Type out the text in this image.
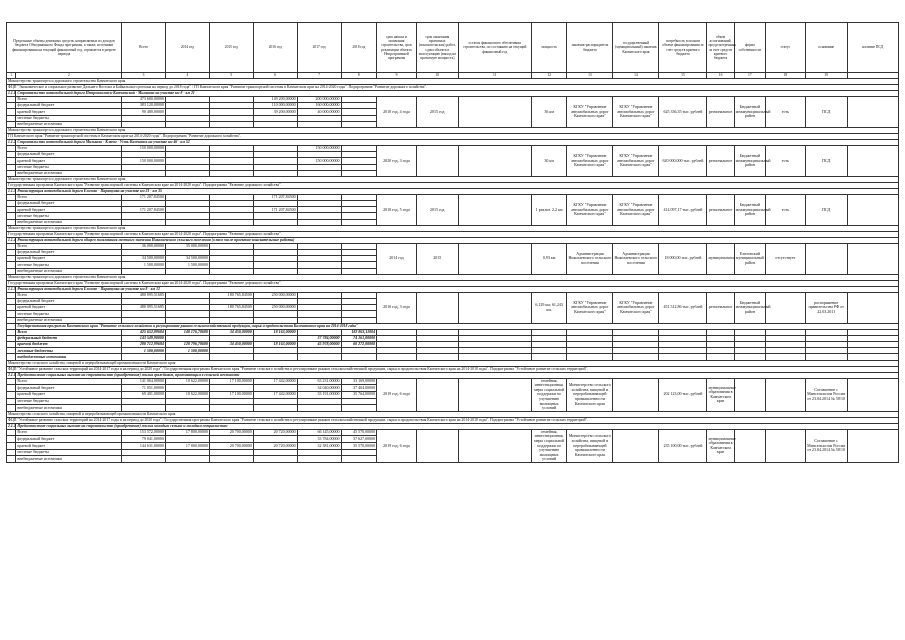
Предельные объемы денежных средств, направляемых из доходов бюджета Объединенного Фонда программы, а также, источники финансирования на текущий финансовый год, отражается в разрезе периода		Всего	2014 год	2015 год	2016 год	2017 год	2018 год	срок начала и окончания строительства, срок реализации объекта Непрограммной программы	срок окончания проектных (изыскательских) работ, сдача объекта в эксплуатацию (выход на проектную мощность)	остаток финансового обеспечения строительства, по состоянию на текущий финансовый год	мощность	заказчик-распорядитель бюджета	государственный (муниципальный) заказчик Камчатского края	потребность в полном объеме финансирования за счет средств краевого бюджета	объем ассигнований, предусмотренных за счет средств краевого бюджета	форма собственности	статус	основание	наличие ПСД
1	2	3	4	5	6	7	8	9	10	11	12	13	14	15	16	17	18	19	
Министерство транспорта и дорожного строительства Камчатского края																			
ФЦП "Экономическое и социальное развитие Дальнего Востока и Байкальского региона на период до 2018 года" / ГП Камчатского края "Развитие транспортной системы в Камчатском крае на 2014-2020 годы". Подпрограмма "Развитие дорожного хозяйства".																			
1.1.1	Строительство автомобильной дороги Петропавловск-Камчатский - Мильково на участке км 8 - км 21																		
	Всего	473 600,00000			149 200,00000	200 000,00000		2010 год, 4 года	2015 год		36 км	КГКУ "Управление автомобильных дорог Камчатского края"	КГКУ "Управление автомобильных дорог Камчатского края"	625 336,35 тыс. рублей	региональное	Бюджетный межмуниципальный район	есть	ПСД	
	федеральный бюджет	383 120,00000			110 000,00000	160 000,00000													
	краевой бюджет	90 480,00000			39 200,00000	40 000,00000													
	местные бюджеты																		
	внебюджетные источники																		
Министерство транспорта и дорожного строительства Камчатского края																			
ГП Камчатского края "Развитие транспортной системы в Камчатском крае на 2014-2020 годы". Подпрограмма "Развитие дорожного хозяйства".																			
1.1.2	Строительство автомобильной дороги Мильково - Ключи - Усть-Камчатск на участке км 46 - км 52																		
	Всего	150 000,00000				150 000,00000		2020 год, 3 года			30 км	КГКУ "Управление автомобильных дорог Камчатского края"	КГКУ "Управление автомобильных дорог Камчатского края"	620 000,000 тыс. рублей	региональное	Бюджетный межмуниципальный район	есть	ПСД	
	федеральный бюджет																		
	краевой бюджет	150 000,00000				150 000,00000													
	местные бюджеты																		
	внебюджетные источники																		
Министерство транспорта и дорожного строительства Камчатского края																			
Государственная программа Камчатского края "Развитие транспортной системы в Камчатском крае на 2014-2020 годы". Подпрограмма "Развитие дорожного хозяйства".																			
1.1.3	Реконструкция автомобильной дороги Елизово - Паратунка на участке км 23 - км 35																		
	Всего	171 207,84500			171 207,84500			2010 год, 5 года	2015 год		1 реализ. 2,2 км	КГКУ "Управление автомобильных дорог Камчатского края"	КГКУ "Управление автомобильных дорог Камчатского края"	414 097,17 тыс. рублей	региональное	Бюджетный межмуниципальный район	есть	ПСД	
	федеральный бюджет																		
	краевой бюджет	171 207,84500			171 207,84500														
	местные бюджеты																		
	внебюджетные источники																		
Министерство транспорта и дорожного строительства Камчатского края																			
Государственная программа Камчатского края "Развитие транспортной системы в Камчатском крае на 2014-2020 годы". Подпрограмма "Развитие дорожного хозяйства".																			
1.1.4	Реконструкция автомобильной дороги общего пользования местного значения Николаевского сельского поселения (в том числе проектно-изыскательские работы)																		
	Всего	36 000,00000	35 000,00000					2014 год	2015		0,93 км	Администрация Николаевского сельского поселения	Администрация Николаевского сельского поселения	18 000,00 тыс. рублей	муниципальное	Елизовский муниципальный район	отсутствует		
	федеральный бюджет																		
	краевой бюджет	34 500,00000	34 500,00000																
	местные бюджеты	1 500,00000	1 500,00000																
	внебюджетные источники																		
Министерство транспорта и дорожного строительства Камчатского края																			
Государственная программа Камчатского края "Развитие транспортной системы в Камчатском крае на 2014-2020 годы". Подпрограмма "Развитие дорожного хозяйства".																			
1.1.5	Реконструкция автомобильной дороги Елизово - Паратунка на участке км 8 - км 12																		
	Всего	480 095,51685		180 765,84500	250 000,00000			2016 год, 3 года			6,129 км; 61,243 км.	КГКУ "Управление автомобильных дорог Камчатского края"	КГКУ "Управление автомобильных дорог Камчатского края"	451 512,86 тыс. рублей	региональное	Бюджетный межмуниципальный район		распоряжение правительства РФ от 22.03.2011	
	федеральный бюджет																		
	краевой бюджет	480 095,51685		180 765,84500	250 000,00000														
	местные бюджеты																		
	внебюджетные источники																		
	Государственная программа Камчатского края "Развитие сельского хозяйства и регулирование рынков сельскохозяйственной продукции, сырья и продовольствия Камчатского края на 2014-2018 годы"																		
	Всего	425 652,89684	140 176,78680	34 450,00000	18 163,00000		182 863,11004												
	федеральный бюджет	143 549,90000				37 784,00000	74 161,00000												
	краевой бюджет	280 712,99684	128 796,78680	34 450,00000	18 163,00000	45 978,00000	60 272,00000												
	местные бюджеты	1 500,00000	1 500,00000																
	внебюджетные источники																		
Министерство сельского хозяйства, пищевой и перерабатывающей промышленности Камчатского края																			
ФЦП "Устойчивое развитие сельских территорий на 2014-2017 годы и на период до 2020 года" / Государственная программа Камчатского края "Развитие сельского хозяйства и регулирование рынков сельскохозяйственной продукции, сырья и продовольствия Камчатского края на 2014-2018 годы". Подпрограмма "Устойчивое развитие сельских территорий".																			
2.1.1	Предоставление социальных выплат на строительство (приобретение) жилья гражданам, проживающим в сельской местности																		
	Всего	141 064,00000	10 622,00000	17 100,00000	17 442,00000	63 231,00000	33 169,00000	2019 год, 6 года			семейная, инвестиционная, меры социальной поддержки по улучшению жилищных условий	Министерство сельского хозяйства, пищевой и перерабатывающей промышленности Камчатского края		202 123,00 тыс. рублей	муниципальные образования в Камчатском крае			Соглашение с Минсельхозом России от 23.04.2014 № 58/10	
	федеральный бюджет	71 051,00000				34 040,00000	37 404,00000												
	краевой бюджет	69 401,00000	10 622,00000	17 100,00000	17 442,00000	33 191,00000	35 764,00000												
	местные бюджеты																		
	внебюджетные источники																		
Министерство сельского хозяйства, пищевой и перерабатывающей промышленности Камчатского края																			
ФЦП "Устойчивое развитие сельских территорий на 2014-2017 годы и на период до 2020 года" / Государственная программа Камчатского края "Развитие сельского хозяйства и регулирование рынков сельскохозяйственной продукции, сырья и продовольствия Камчатского края на 2014-2018 годы". Подпрограмма "Устойчивое развитие сельских территорий".																			
2.1.2	Предоставление социальных выплат на строительство (приобретение) жилья молодым семьям и молодым специалистам																		
	Всего	153 572,00000	17 800,00000	20 700,00000	20 720,00000	66 145,00000	45 570,00000	2019 год, 6 года			семейная, инвестиционная, меры социальной поддержки по улучшению жилищных условий	Министерство сельского хозяйства, пищевой и перерабатывающей промышленности Камчатского края		235 100,00 тыс. рублей	муниципальные образования в Камчатском крае			Соглашение с Минсельхозом России от 23.04.2014 № 58/10	
	федеральный бюджет	79 041,00000				33 784,00000	37 627,00000												
	краевой бюджет	144 631,00000	17 800,00000	20 700,00000	20 720,00000	32 381,00000	35 570,00000												
	местные бюджеты																		
	внебюджетные источники																		
